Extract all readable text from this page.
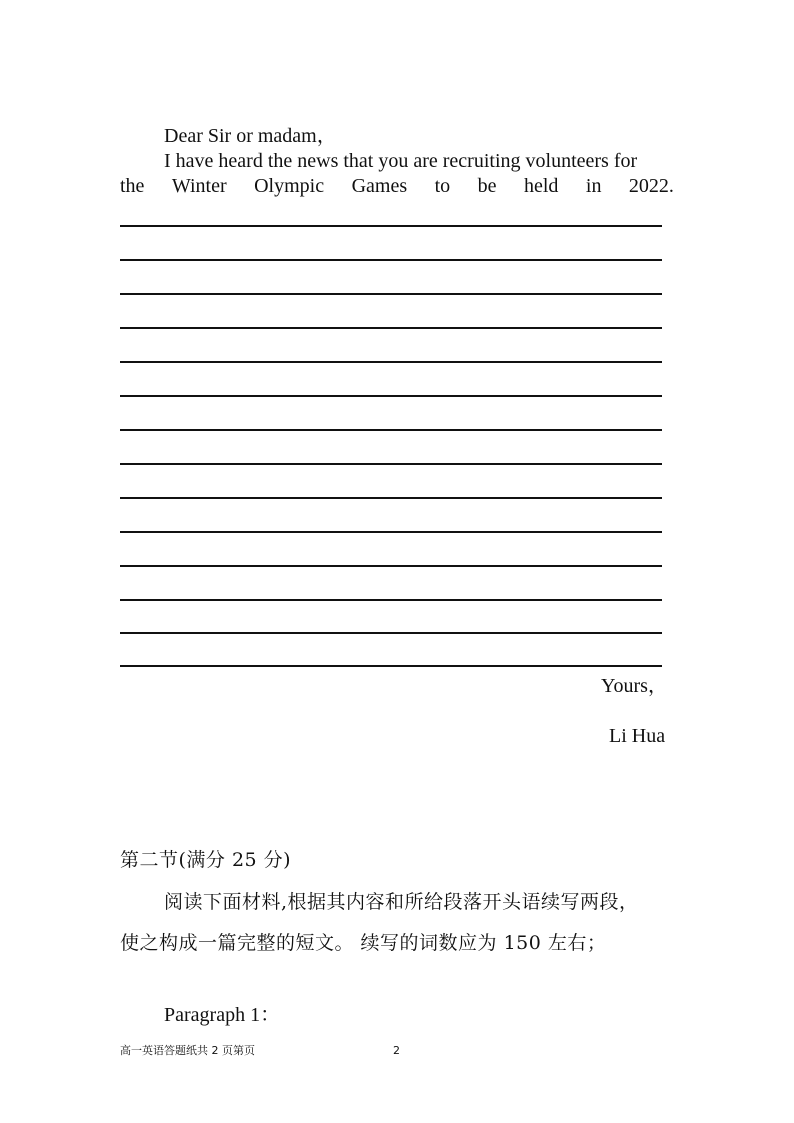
Dear Sir or madam，
I have heard the news that you are recruiting volunteers for
the Winter Olympic Games to be held in 2022.
Yours，
Li Hua
第二节(满分 25 分)
阅读下面材料,根据其内容和所给段落开头语续写两段，
使之构成一篇完整的短文。 续写的词数应为 150 左右；
Paragraph 1：
高一英语答题纸共 2 页第页	2
